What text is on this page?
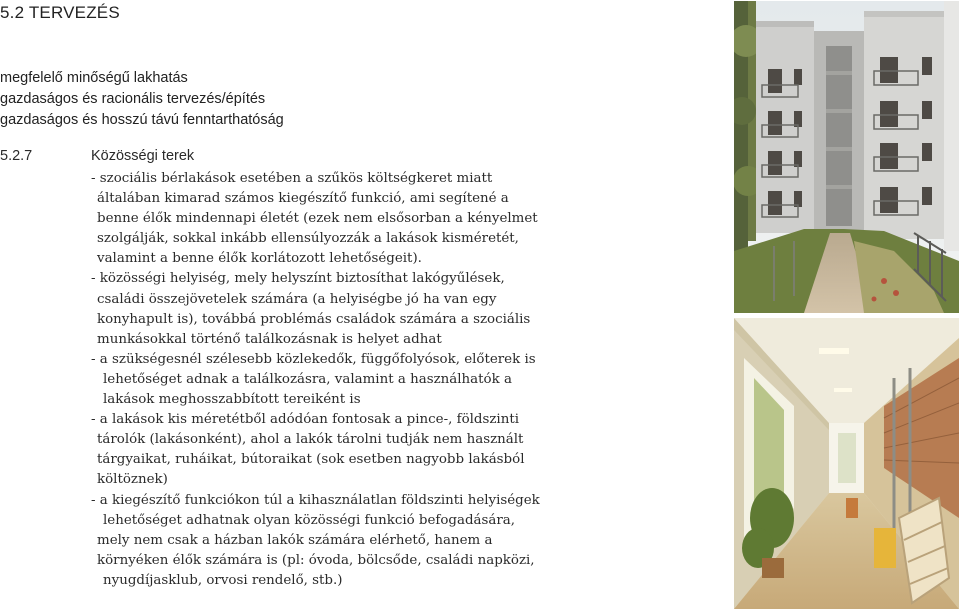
5.2 TERVEZÉS
megfelelő minőségű lakhatás
gazdaságos és racionális tervezés/építés
gazdaságos és hosszú távú fenntarthatóság
5.2.7	Közösségi terek
- szociális bérlakások esetében a szűkös költségkeret miatt
általában kimarad számos kiegészítő funkció, ami segítené a
benne élők mindennapi életét (ezek nem elsősorban a kényelmet
szolgálják, sokkal inkább ellensúlyozzák a lakások kisméretét,
valamint a benne élők korlátozott lehetőségeit).
- közösségi helyiség, mely helyszínt biztosíthat lakógyűlések,
családi összejövetelek számára (a helyiségbe jó ha van egy
konyhapult is), továbbá problémás családok számára a szociális
munkásokkal történő találkozásnak is helyet adhat
- a szükségesnél szélesebb közlekedők, függőfolyósok, előterek is
lehetőséget adnak a találkozásra, valamint a használhatók a
lakások meghosszabbított tereiként is
- a lakások kis méretétből adódóan fontosak a pince-, földszinti
tárolók (lakásonként), ahol a lakók tárolni tudják nem használt
tárgyaikat, ruháikat, bútoraikat (sok esetben nagyobb lakásból
költöznek)
- a kiegészítő funkciókon túl a kihasználatlan földszinti helyiségek
lehetőséget adhatnak olyan közösségi funkció befogadására,
mely nem csak a házban lakók számára elérhető, hanem a
környéken élők számára is (pl: óvoda, bölcsőde, családi napközi,
nyugdíjasklub, orvosi rendelő, stb.)
